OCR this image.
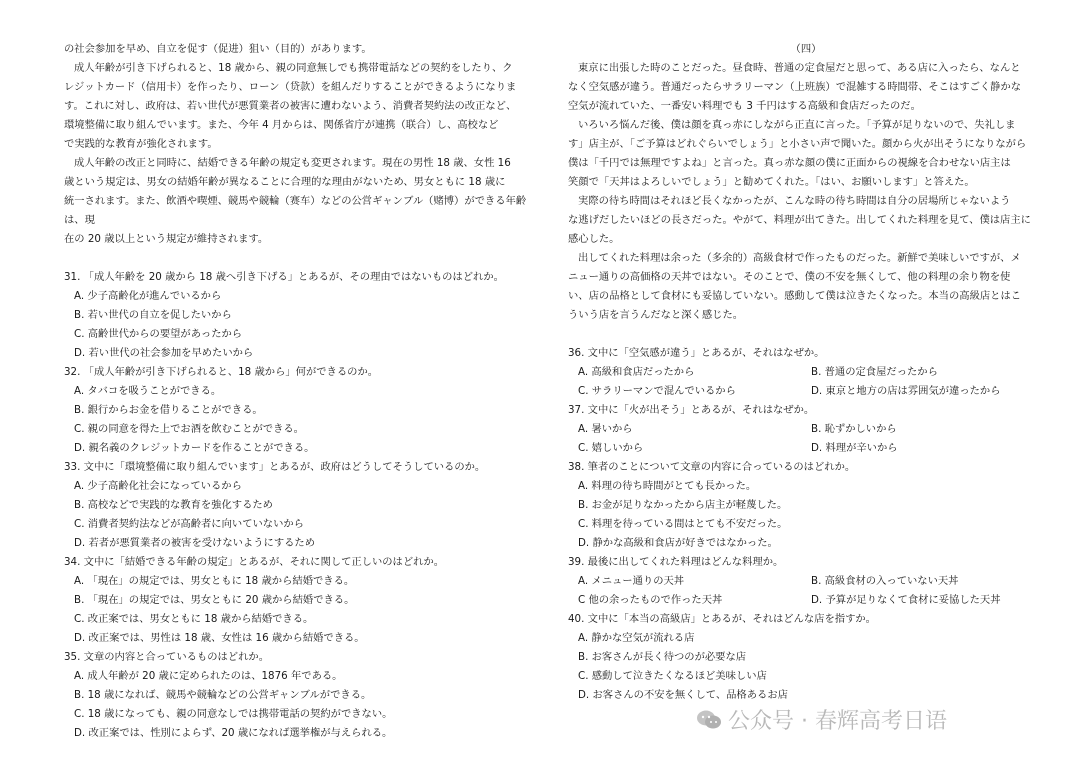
の社会参加を早め、自立を促す（促进）狙い（目的）があります。

成人年齢が引き下げられると、18 歳から、親の同意無しでも携帯電話などの契約をしたり、ク

レジットカード（信用卡）を作ったり、ローン（贷款）を組んだりすることができるようになりま

す。これに対し、政府は、若い世代が悪質業者の被害に遭わないよう、消費者契約法の改正など、

環境整備に取り組んでいます。また、今年 4 月からは、関係省庁が連携（联合）し、高校など

で実践的な教育が強化されます。

成人年齢の改正と同時に、結婚できる年齢の規定も変更されます。現在の男性 18 歳、女性 16

歳という規定は、男女の結婚年齢が異なることに合理的な理由がないため、男女ともに 18 歳に

統一されます。また、飲酒や喫煙、競馬や競輪（赛车）などの公営ギャンブル（赌博）ができる年齢は、現

在の 20 歳以上という規定が維持されます。

31. 「成人年齢を 20 歳から 18 歳へ引き下げる」とあるが、その理由ではないものはどれか。

A. 少子高齢化が進んでいるから

B. 若い世代の自立を促したいから

C. 高齢世代からの要望があったから

D. 若い世代の社会参加を早めたいから

32. 「成人年齢が引き下げられると、18 歳から」何ができるのか。

A. タバコを吸うことができる。

B. 銀行からお金を借りることができる。

C. 親の同意を得た上でお酒を飲むことができる。

D. 親名義のクレジットカードを作ることができる。

33. 文中に「環境整備に取り組んでいます」とあるが、政府はどうしてそうしているのか。

A. 少子高齢化社会になっているから

B. 高校などで実践的な教育を強化するため

C. 消費者契約法などが高齢者に向いていないから

D. 若者が悪質業者の被害を受けないようにするため

34. 文中に「結婚できる年齢の規定」とあるが、それに関して正しいのはどれか。

A. 「現在」の規定では、男女ともに 18 歳から結婚できる。

B. 「現在」の規定では、男女ともに 20 歳から結婚できる。

C. 改正案では、男女ともに 18 歳から結婚できる。

D. 改正案では、男性は 18 歳、女性は 16 歳から結婚できる。

35. 文章の内容と合っているものはどれか。

A. 成人年齢が 20 歳に定められたのは、1876 年である。

B. 18 歳になれば、競馬や競輪などの公営ギャンブルができる。

C. 18 歳になっても、親の同意なしでは携帯電話の契約ができない。

D. 改正案では、性別によらず、20 歳になれば選挙権が与えられる。

（四）

東京に出張した時のことだった。昼食時、普通の定食屋だと思って、ある店に入ったら、なんと

なく空気感が違う。普通だったらサラリーマン（上班族）で混雑する時間帯、そこはすごく静かな

空気が流れていた、一番安い料理でも 3 千円はする高級和食店だったのだ。

いろいろ悩んだ後、僕は顔を真っ赤にしながら正直に言った。「予算が足りないので、失礼しま

す」店主が、「ご予算はどれぐらいでしょう」と小さい声で聞いた。顔から火が出そうになりながら

僕は「千円では無理ですよね」と言った。真っ赤な顔の僕に正面からの視線を合わせない店主は

笑顔で「天丼はよろしいでしょう」と勧めてくれた。「はい、お願いします」と答えた。

実際の待ち時間はそれほど長くなかったが、こんな時の待ち時間は自分の居場所じゃないよう

な逃げだしたいほどの長さだった。やがて、料理が出てきた。出してくれた料理を見て、僕は店主に

感心した。

出してくれた料理は余った（多余的）高級食材で作ったものだった。新鮮で美味しいですが、メ

ニュー通りの高価格の天丼ではない。そのことで、僕の不安を無くして、他の料理の余り物を使

い、店の品格として食材にも妥協していない。感動して僕は泣きたくなった。本当の高級店とはこ

ういう店を言うんだなと深く感じた。

36. 文中に「空気感が違う」とあるが、それはなぜか。

A. 高級和食店だったから	B. 普通の定食屋だったから
C. サラリーマンで混んでいるから	D. 東京と地方の店は雰囲気が違ったから

37. 文中に「火が出そう」とあるが、それはなぜか。

A. 暑いから	B. 恥ずかしいから
C. 嬉しいから	D. 料理が辛いから

38. 筆者のことについて文章の内容に合っているのはどれか。

A. 料理の待ち時間がとても長かった。

B. お金が足りなかったから店主が軽蔑した。

C. 料理を待っている間はとても不安だった。

D. 静かな高級和食店が好きではなかった。

39. 最後に出してくれた料理はどんな料理か。

A. メニュー通りの天丼	B. 高級食材の入っていない天丼
C 他の余ったもので作った天丼	D. 予算が足りなくて食材に妥協した天丼

40. 文中に「本当の高級店」とあるが、それはどんな店を指すか。

A. 静かな空気が流れる店

B. お客さんが長く待つのが必要な店

C. 感動して泣きたくなるほど美味しい店

D. お客さんの不安を無くして、品格あるお店

公众号 · 春辉高考日语
